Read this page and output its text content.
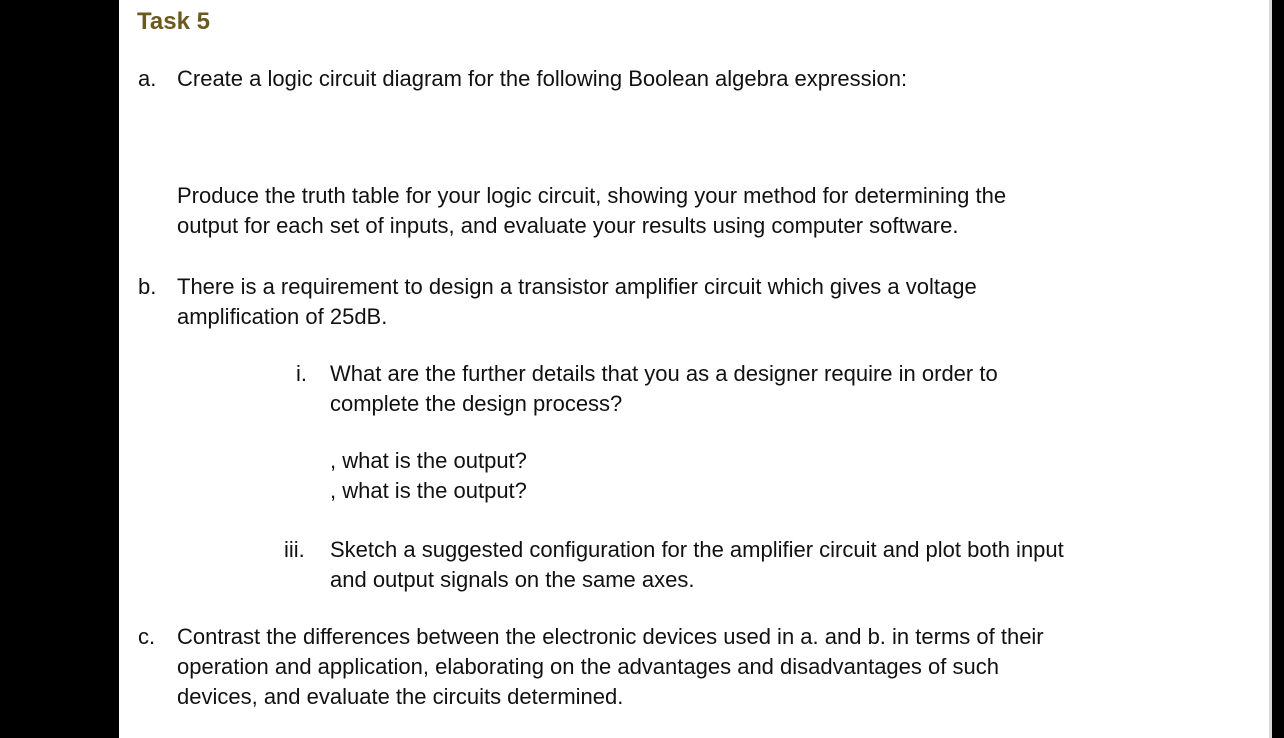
Task 5
a. Create a logic circuit diagram for the following Boolean algebra expression:
Produce the truth table for your logic circuit, showing your method for determining the
output for each set of inputs, and evaluate your results using computer software.
b. There is a requirement to design a transistor amplifier circuit which gives a voltage
amplification of 25dB.
i. What are the further details that you as a designer require in order to
complete the design process?
, what is the output?
, what is the output?
iii. Sketch a suggested configuration for the amplifier circuit and plot both input
and output signals on the same axes.
c. Contrast the differences between the electronic devices used in a. and b. in terms of their
operation and application, elaborating on the advantages and disadvantages of such
devices, and evaluate the circuits determined.
